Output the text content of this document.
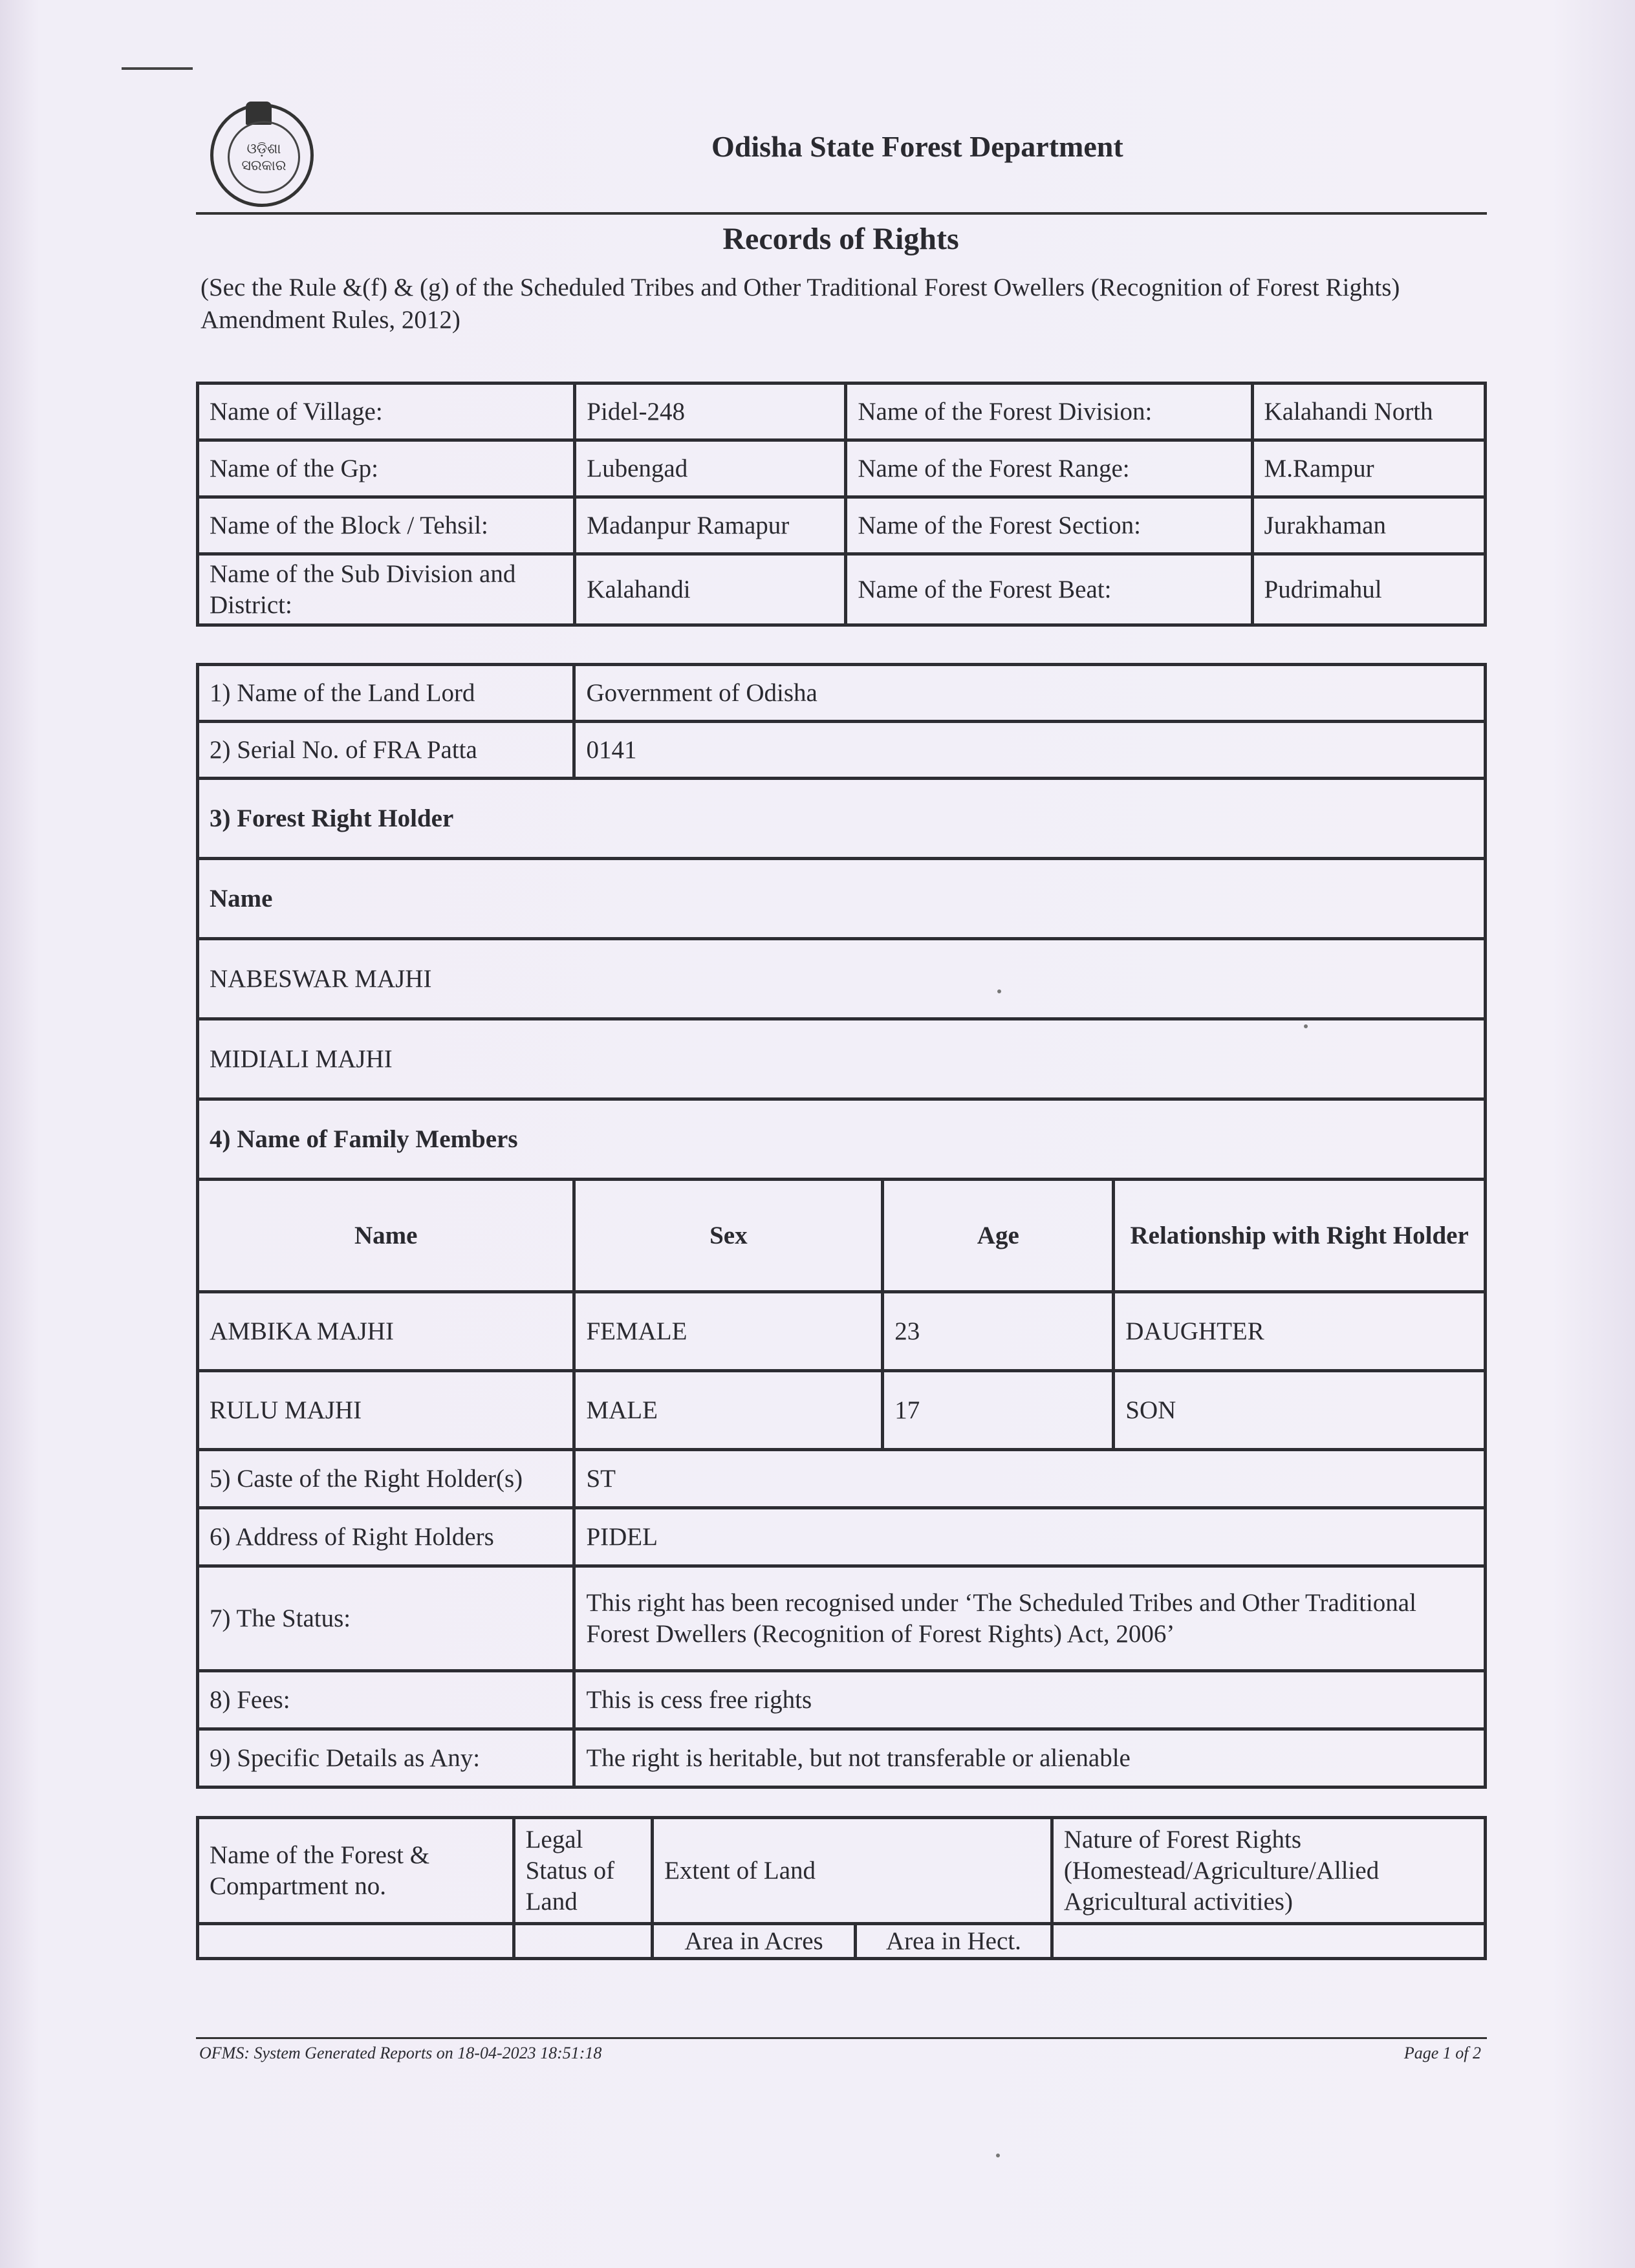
ଓଡ଼ିଶା ସରକାର
Odisha State Forest Department
Records of Rights
(Sec the Rule &(f) & (g) of the Scheduled Tribes and Other Traditional Forest Owellers (Recognition of Forest Rights) Amendment Rules, 2012)
Name of Village:	Pidel-248	Name of the Forest Division:	Kalahandi North
Name of the Gp:	Lubengad	Name of the Forest Range:	M.Rampur
Name of the Block / Tehsil:	Madanpur Ramapur	Name of the Forest Section:	Jurakhaman
Name of the Sub Division and District:	Kalahandi	Name of the Forest Beat:	Pudrimahul
1) Name of the Land Lord	Government of Odisha		
2) Serial No. of FRA Patta	0141		
3) Forest Right Holder			
Name			
NABESWAR MAJHI			
MIDIALI MAJHI			
4) Name of Family Members			
Name	Sex	Age	Relationship with Right Holder
AMBIKA MAJHI	FEMALE	23	DAUGHTER
RULU MAJHI	MALE	17	SON
5) Caste of the Right Holder(s)	ST		
6) Address of Right Holders	PIDEL		
7) The Status:	This right has been recognised under ‘The Scheduled Tribes and Other Traditional
Forest Dwellers (Recognition of Forest Rights) Act, 2006’		

8) Fees:	This is cess free rights		
9) Specific Details as Any:	The right is heritable, but not transferable or alienable		
Name of the Forest & Compartment no.	Legal Status of Land	Extent of Land		Nature of Forest Rights (Homestead/Agriculture/Allied Agricultural activities)
		Area in Acres	Area in Hect.	
OFMS: System Generated Reports on 18-04-2023 18:51:18	Page 1 of 2
